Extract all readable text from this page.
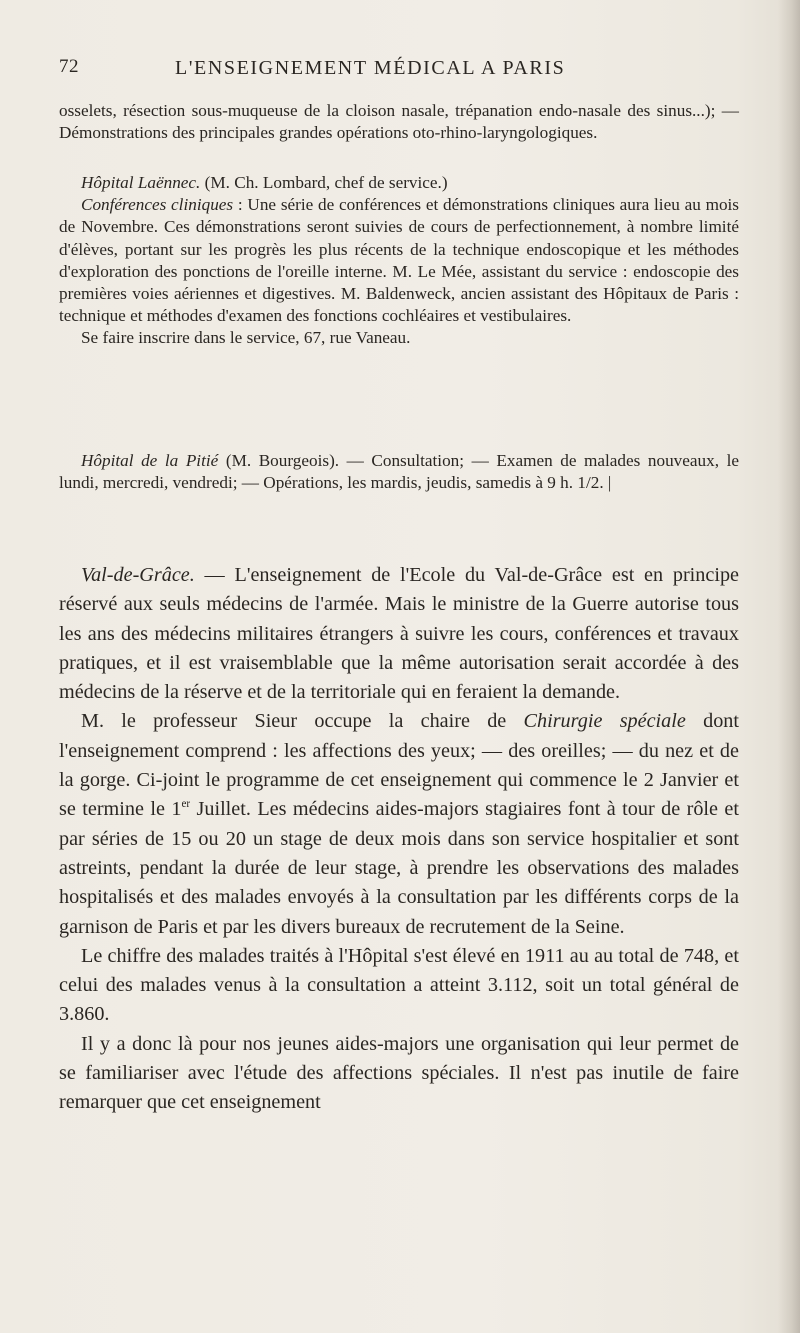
72	L'ENSEIGNEMENT MÉDICAL A PARIS

osselets, résection sous-muqueuse de la cloison nasale, trépanation endo-nasale des sinus...); — Démonstrations des principales grandes opérations oto-rhino-laryngologiques.

Hôpital Laënnec. (M. Ch. Lombard, chef de service.)

Conférences cliniques : Une série de conférences et démonstrations cliniques aura lieu au mois de Novembre. Ces démonstrations seront suivies de cours de perfectionnement, à nombre limité d'élèves, portant sur les progrès les plus récents de la technique endoscopique et les méthodes d'exploration des ponctions de l'oreille interne. M. Le Mée, assistant du service : endoscopie des premières voies aériennes et digestives. M. Baldenweck, ancien assistant des Hôpitaux de Paris : technique et méthodes d'examen des fonctions cochléaires et vestibulaires.

Se faire inscrire dans le service, 67, rue Vaneau.

Hôpital de la Pitié (M. Bourgeois). — Consultation; — Examen de malades nouveaux, le lundi, mercredi, vendredi; — Opérations, les mardis, jeudis, samedis à 9 h. 1/2. |

Val-de-Grâce. — L'enseignement de l'Ecole du Val-de-Grâce est en principe réservé aux seuls médecins de l'armée. Mais le ministre de la Guerre autorise tous les ans des médecins militaires étrangers à suivre les cours, conférences et travaux pratiques, et il est vraisemblable que la même autorisation serait accordée à des médecins de la réserve et de la territoriale qui en feraient la demande.

M. le professeur Sieur occupe la chaire de Chirurgie spéciale dont l'enseignement comprend : les affections des yeux; — des oreilles; — du nez et de la gorge. Ci-joint le programme de cet enseignement qui commence le 2 Janvier et se termine le 1er Juillet. Les médecins aides-majors stagiaires font à tour de rôle et par séries de 15 ou 20 un stage de deux mois dans son service hospitalier et sont astreints, pendant la durée de leur stage, à prendre les observations des malades hospitalisés et des malades envoyés à la consultation par les différents corps de la garnison de Paris et par les divers bureaux de recrutement de la Seine.

Le chiffre des malades traités à l'Hôpital s'est élevé en 1911 au au total de 748, et celui des malades venus à la consultation a atteint 3.112, soit un total général de 3.860.

Il y a donc là pour nos jeunes aides-majors une organisation qui leur permet de se familiariser avec l'étude des affections spéciales. Il n'est pas inutile de faire remarquer que cet enseignement
